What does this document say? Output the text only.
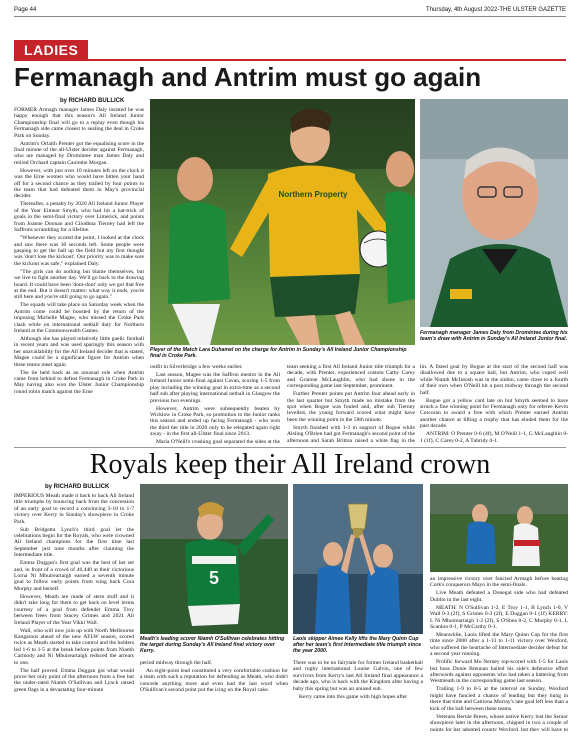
Page 44	Thursday, 4th August 2022-THE ULSTER GAZETTE
LADIES
Fermanagh and Antrim must go again
by RICHARD BULLICK

FORMER Armagh manager James Daly insisted he was happy enough that this season's All Ireland Junior Championship final will go to a replay even though his Fermanagh side came closest to sealing the deal in Croke Park on Sunday.

Antrim's Orlaith Prenter got the equalising score in the final minute of the all-Ulster decider against Fermanagh, who are managed by Dromintee man James Daly and retired Orchard captain Caoimhe Morgan.

However, with just over 10 minutes left on the clock it was the Erne women who would have bitten your hand off for a second chance as they trailed by four points to the team that had defeated them in May's provincial decider.

Thereafter, a penalty by 2020 All Ireland Junior Player of the Year Eimear Smyth, who had hit a hat-trick of goals in the semi-final victory over Limerick, and points from Joanne Doonan and Cliodhna Tierney had left the Saffrons scrambling for a lifeline.

"Whenever they scored the point, I looked at the clock and saw there was 30 seconds left. Some people were gasping to get the ball up the field but my first thought was 'don't lose the kickout'. Our priority was to make sure the kickout was safe," explained Daly.

"The girls can do nothing but blame themselves, but we live to fight another day. We'll go back to the drawing board. It could have been 'dont-dont' only we got that free at the end. But it doesn't matter; what way it ends, you're still here and you're still going to go again."

The squads will take place on Saturday week when the Antrim come could be boosted by the return of the imposing Michelle Magee, who missed the Croke Park clash while on international netball duty for Northern Ireland at the Commonwealth Games.

Although she has played relatively little gaelic football in recent years and was used sparingly this season with her unavailability for the All Ireland decider that is stated, Magee could be a significant figure for Antrim when these teams meet again.

The tie held back as an unusual role when Antrim came from behind to defeat Fermanagh in Croke Park in May having also won the Ulster Junior Championship round robin match against the Erne

Northern Property
Player of the Match Lara Duhamel on the charge for Antrim in Sunday's All Ireland Junior Championship final in Croke Park.
Fermanagh manager James Daly from Dromintee during his team's draw with Antrim in Sunday's All Ireland Junior final.

outfit in Silverbridge a few weeks earlier.

Last season, Magee was the Saffron mentor in the All Ireland Junior semi-final against Cavan, scoring 1-5 from play including the winning goal in extra-time as a second half sub after playing international netball in Glasgow the previous two evenings.

However, Antrim were subsequently beaten by Wicklow in Croke Park, so promotion to the Junior ranks this season and ended up facing Fermanagh - who won the third tier title in 2020 only to be relegated again right away - in the first all-Ulster final since 2013.

Maria O'Neill's crushing goal separated the sides at the

team seeking a first All Ireland Junior title triumph for a decade, with Prenter, experienced custom Cathy Carey and Grainne McLaughlin, who had shone in the corresponding game last September, prominent.

Further Prenter points put Antrim four ahead early in the last quarter but Smyth made no mistake from the spot when Bogue was fouled and, after sub Tierney levelled, the young forward scored what might have been the winning point in the 58th minute.

Smyth finished with 1-3 in support of Bogue while Aisling O'Brien had got Fermanagh's second point of the afternoon and Sarah Britton raised a white flag in the

lin. A fisted goal by Bogue at the start of the second half was disallowed due to a square ball, but Antrim, who coped well while Niamh McIntosh was in the sinbin, came close to a fourth of their own when O'Neill hit a post midway through the second half.

Bogue got a yellow card late on but Smyth seemed to have struck a fine winning point for Fermanagh only for referee Kevin Corcoran to award a free with which Prenter earned Antrim another chance at lifting a trophy that has eluded them for the past decade.

ANTRIM: O Prenter 0-6 (4f), M O'Neill 1-1, G McLaughlin 0-1 (1f), C Carey 0-2, A Tubridy 0-1.

Royals keep their All Ireland crown
by RICHARD BULLICK

IMPERIOUS Meath made it back to back All Ireland title triumphs by bouncing back from the concession of an early goal to record a convincing 3-10 to 1-7 victory over Kerry in Sunday's showpiece in Croke Park.

Sub Bridgetta Lynch's third goal let the celebrations begin for the Royals, who were crowned All Ireland champions for the first time last September just nine months after claiming the Intermediate title.

Emma Duggan's first goal was the best of her set and, in front of a crowd of 46,440 at their victorious Lorna Ni Mhuireartaigh earned a seventh minute goal to follow early points from wing back Cora Murphy and herself.

However, Meath are made of stern stuff and it didn't take long for them to get back on level terms courtesy of a goal from defender Emma Troy between frees from Stacey Grimes and 2021 All Ireland Player of the Year Vikki Wall.

Wall, who will now join up with North Melbourne Kangaroos ahead of the new AFLW season, scored twice as Meath started to take control and the holders led 1-6 to 1-5 at the break before points from Niamh Carmody and Ni Mhuireartaigh reduced the arrears to one.

The half proved. Emma Duggan got what would prove her only point of the afternoon from a free but the under-rated Niamh O'Sullivan and Lynch raised green flags in a devastating four-minute

5
Meath's leading scorer Niamh O'Sullivan celebrates hitting the target during Sunday's All Ireland final victory over Kerry.
Laois skipper Aimee Kelly lifts the Mary Quinn Cup after her team's first Intermediate title triumph since the year 2000.

period midway through the half.

An eight-point lead constituted a very comfortable cushion for a team with such a reputation for defending as Meath, who didn't concede anything more and even had the last word when O'Sullivan's second point put the icing on the Royal cake.

There was to be no fairytale for former Ireland basketball and rugby international Louise Galvin, one of few survivors from Kerry's last All Ireland final appearance a decade ago, who is back with the Kingdom after having a baby this spring but was an unused sub.

Kerry came into this game with high hopes after

an impressive victory over fancied Armagh before beating Cork's conquerors Mayo in the semi-finals.

Live Meath defeated a Donegal side who had defeated Dublin in the last eight.

MEATH: N O'Sullivan 1-2, E Troy 1-1, B Lynch 1-0, V Wall 0-3 (2f), S Grimes 0-3 (2f), E Duggan 0-1 (1f) KERRY: L Ni Mhuireartaigh 1-2 (2f), S O'Shea 0-2, C Murphy 0-1, L Scanlon 0-1, P McCarthy 0-1.

Meanwhile, Laois lifted the Mary Quinn Cup for the first time since 2000 after a 1-13 to 1-11 victory over Wexford, who suffered the heartache of Intermediate decider defeat for a second year running.

Prolific forward Mo Nerney top-scored with 1-5 for Laois but boss Donie Brennan hailed his side's defensive effort afterwards against opponents who had taken a battering from Westmeath in the corresponding game last season.

Trailing 1-9 to 0-5 at the interval on Sunday, Wexford might have fancied a chance of leading but they hung in there that time and Catriona Murray's late goal left less than a kick of the ball between these teams.

Veterans Bernie Breen, whose native Kerry lost the Senior showpiece later in the afternoon, chipped in two a couple of points for her adopted county Wexford, but they will have to
